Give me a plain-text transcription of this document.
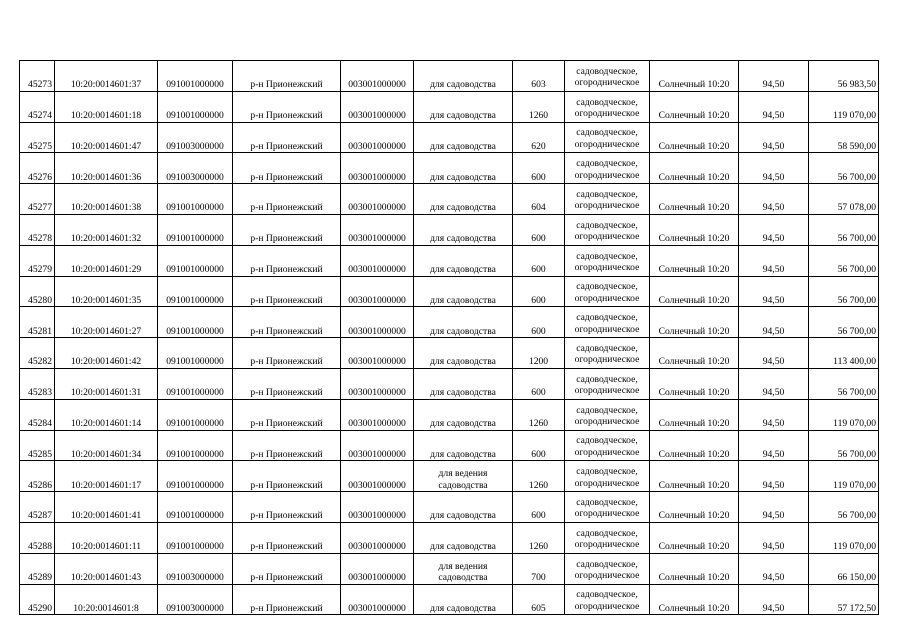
45273	10:20:0014601:37	091001000000	р-н Прионежский	003001000000	для садоводства	603	садоводческое,
огородническое	Солнечный 10:20	94,50	56 983,50
45274	10:20:0014601:18	091001000000	р-н Прионежский	003001000000	для садоводства	1260	садоводческое,
огородническое	Солнечный 10:20	94,50	119 070,00
45275	10:20:0014601:47	091003000000	р-н Прионежский	003001000000	для садоводства	620	садоводческое,
огородническое	Солнечный 10:20	94,50	58 590,00
45276	10:20:0014601:36	091003000000	р-н Прионежский	003001000000	для садоводства	600	садоводческое,
огородническое	Солнечный 10:20	94,50	56 700,00
45277	10:20:0014601:38	091001000000	р-н Прионежский	003001000000	для садоводства	604	садоводческое,
огородническое	Солнечный 10:20	94,50	57 078,00
45278	10:20:0014601:32	091001000000	р-н Прионежский	003001000000	для садоводства	600	садоводческое,
огородническое	Солнечный 10:20	94,50	56 700,00
45279	10:20:0014601:29	091001000000	р-н Прионежский	003001000000	для садоводства	600	садоводческое,
огородническое	Солнечный 10:20	94,50	56 700,00
45280	10:20:0014601:35	091001000000	р-н Прионежский	003001000000	для садоводства	600	садоводческое,
огородническое	Солнечный 10:20	94,50	56 700,00
45281	10:20:0014601:27	091001000000	р-н Прионежский	003001000000	для садоводства	600	садоводческое,
огородническое	Солнечный 10:20	94,50	56 700,00
45282	10:20:0014601:42	091001000000	р-н Прионежский	003001000000	для садоводства	1200	садоводческое,
огородническое	Солнечный 10:20	94,50	113 400,00
45283	10:20:0014601:31	091001000000	р-н Прионежский	003001000000	для садоводства	600	садоводческое,
огородническое	Солнечный 10:20	94,50	56 700,00
45284	10:20:0014601:14	091001000000	р-н Прионежский	003001000000	для садоводства	1260	садоводческое,
огородническое	Солнечный 10:20	94,50	119 070,00
45285	10:20:0014601:34	091001000000	р-н Прионежский	003001000000	для садоводства	600	садоводческое,
огородническое	Солнечный 10:20	94,50	56 700,00
45286	10:20:0014601:17	091001000000	р-н Прионежский	003001000000	для ведения садоводства	1260	садоводческое,
огородническое	Солнечный 10:20	94,50	119 070,00
45287	10:20:0014601:41	091001000000	р-н Прионежский	003001000000	для садоводства	600	садоводческое,
огородническое	Солнечный 10:20	94,50	56 700,00
45288	10:20:0014601:11	091001000000	р-н Прионежский	003001000000	для садоводства	1260	садоводческое,
огородническое	Солнечный 10:20	94,50	119 070,00
45289	10:20:0014601:43	091003000000	р-н Прионежский	003001000000	для ведения садоводства	700	садоводческое,
огородническое	Солнечный 10:20	94,50	66 150,00
45290	10:20:0014601:8	091003000000	р-н Прионежский	003001000000	для садоводства	605	садоводческое,
огородническое	Солнечный 10:20	94,50	57 172,50
